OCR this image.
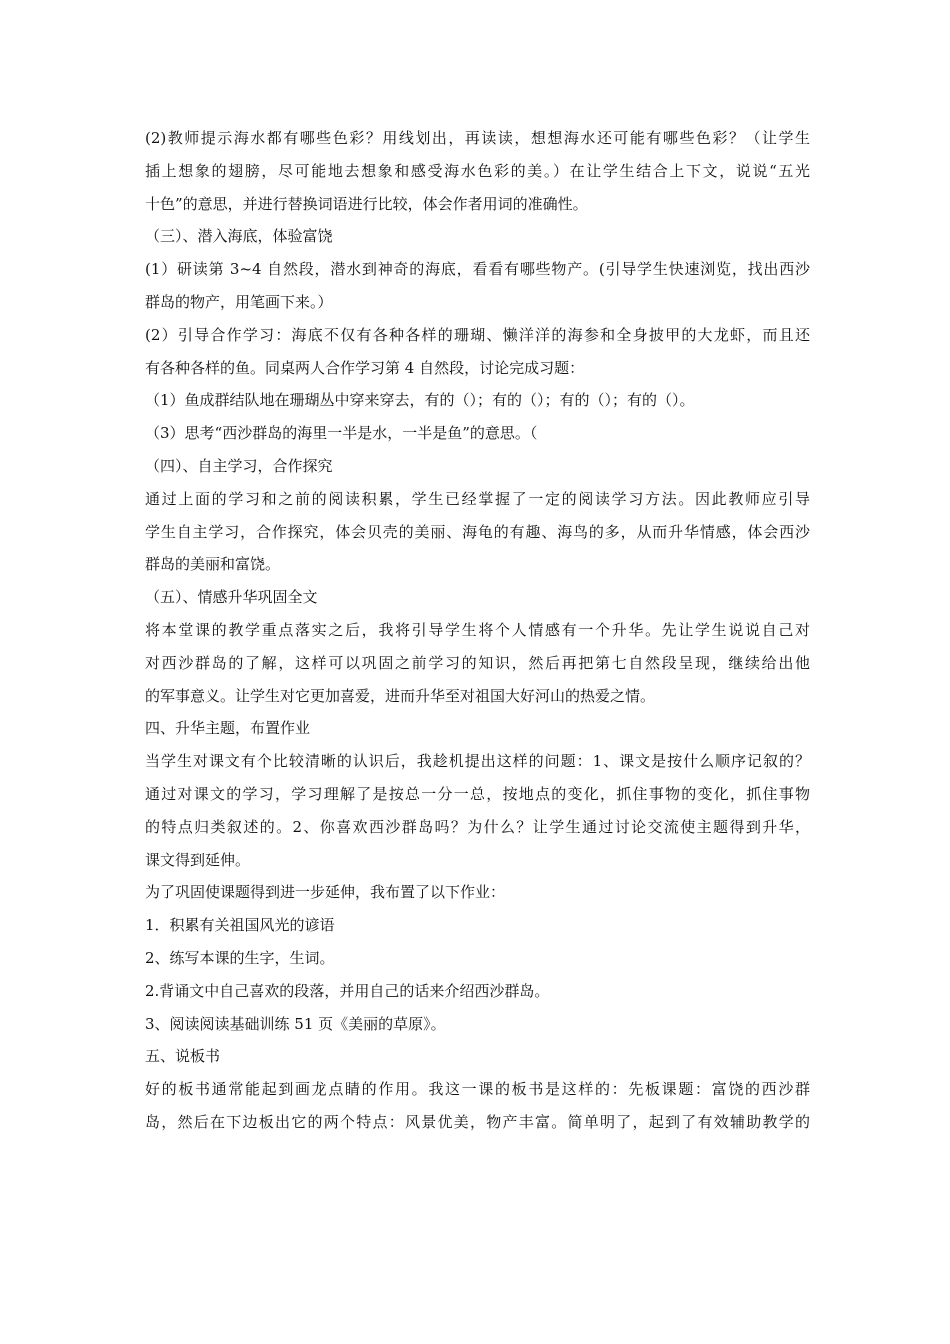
(2)教师提示海水都有哪些色彩？用线划出，再读读，想想海水还可能有哪些色彩？（让学生
插上想象的翅膀，尽可能地去想象和感受海水色彩的美。）在让学生结合上下文，说说“五光
十色”的意思，并进行替换词语进行比较，体会作者用词的准确性。
（三）、潜入海底，体验富饶
(1）研读第 3~4 自然段，潜水到神奇的海底，看看有哪些物产。(引导学生快速浏览，找出西沙
群岛的物产，用笔画下来。）
(2）引导合作学习：海底不仅有各种各样的珊瑚、懒洋洋的海参和全身披甲的大龙虾，而且还
有各种各样的鱼。同桌两人合作学习第 4 自然段，讨论完成习题：
（1）鱼成群结队地在珊瑚丛中穿来穿去，有的（）；有的（）；有的（）；有的（）。
（3）思考“西沙群岛的海里一半是水，一半是鱼”的意思。（
（四）、自主学习，合作探究
通过上面的学习和之前的阅读积累，学生已经掌握了一定的阅读学习方法。因此教师应引导
学生自主学习，合作探究，体会贝壳的美丽、海龟的有趣、海鸟的多，从而升华情感，体会西沙
群岛的美丽和富饶。
（五）、情感升华巩固全文
将本堂课的教学重点落实之后，我将引导学生将个人情感有一个升华。先让学生说说自己对
对西沙群岛的了解，这样可以巩固之前学习的知识，然后再把第七自然段呈现，继续给出他
的军事意义。让学生对它更加喜爱，进而升华至对祖国大好河山的热爱之情。
四、升华主题，布置作业
当学生对课文有个比较清晰的认识后，我趁机提出这样的问题：1、课文是按什么顺序记叙的？
通过对课文的学习，学习理解了是按总一分一总，按地点的变化，抓住事物的变化，抓住事物
的特点归类叙述的。2、你喜欢西沙群岛吗？为什么？让学生通过讨论交流使主题得到升华，
课文得到延伸。
为了巩固使课题得到进一步延伸，我布置了以下作业：
1．积累有关祖国风光的谚语
2、练写本课的生字，生词。
2.背诵文中自己喜欢的段落，并用自己的话来介绍西沙群岛。
3、阅读阅读基础训练 51 页《美丽的草原》。
五、说板书
好的板书通常能起到画龙点睛的作用。我这一课的板书是这样的：先板课题：富饶的西沙群
岛，然后在下边板出它的两个特点：风景优美，物产丰富。简单明了，起到了有效辅助教学的
